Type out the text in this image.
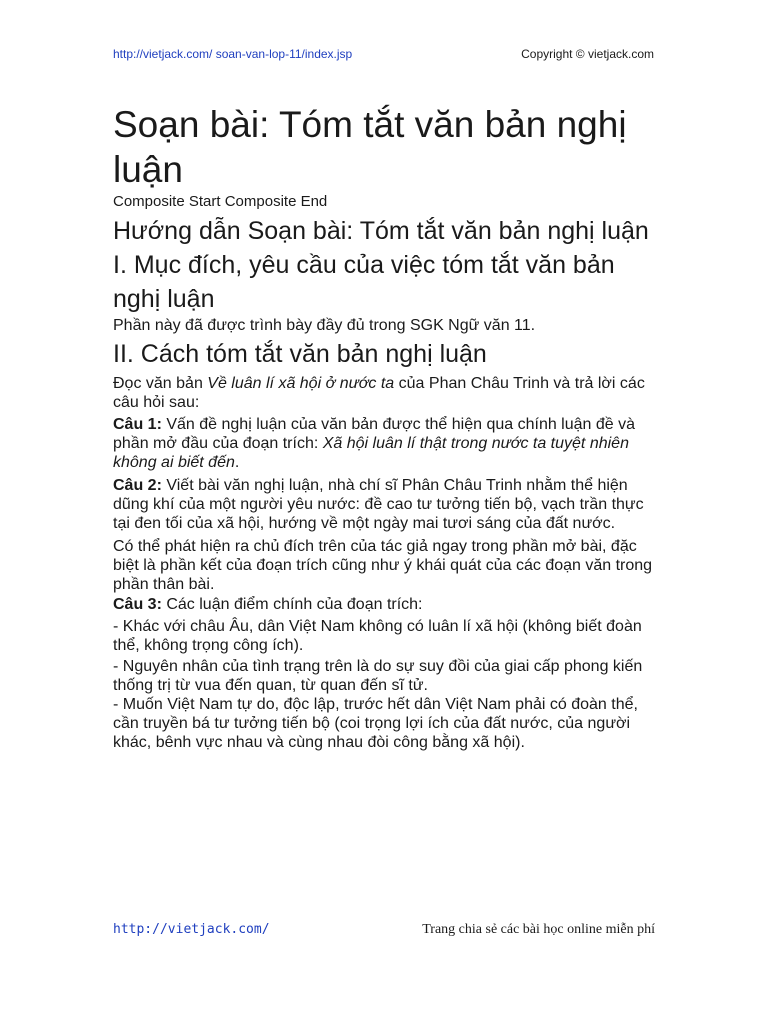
http://vietjack.com/ soan-van-lop-11/index.jsp	Copyright © vietjack.com
Soạn bài: Tóm tắt văn bản nghị luận
Composite Start Composite End
Hướng dẫn Soạn bài: Tóm tắt văn bản nghị luận
I. Mục đích, yêu cầu của việc tóm tắt văn bản nghị luận

Phần này đã được trình bày đầy đủ trong SGK Ngữ văn 11.

II. Cách tóm tắt văn bản nghị luận

Đọc văn bản Về luân lí xã hội ở nước ta của Phan Châu Trinh và trả lời các câu hỏi sau:

Câu 1: Vấn đề nghị luận của văn bản được thể hiện qua chính luận đề và phần mở đầu của đoạn trích: Xã hội luân lí thật trong nước ta tuyệt nhiên không ai biết đến.

Câu 2: Viết bài văn nghị luận, nhà chí sĩ Phân Châu Trinh nhằm thể hiện dũng khí của một người yêu nước: đề cao tư tưởng tiến bộ, vạch trần thực tại đen tối của xã hội, hướng về một ngày mai tươi sáng của đất nước.

Có thể phát hiện ra chủ đích trên của tác giả ngay trong phần mở bài, đặc biệt là phần kết của đoạn trích cũng như ý khái quát của các đoạn văn trong phần thân bài.

Câu 3: Các luận điểm chính của đoạn trích:

- Khác với châu Âu, dân Việt Nam không có luân lí xã hội (không biết đoàn thể, không trọng công ích).

- Nguyên nhân của tình trạng trên là do sự suy đồi của giai cấp phong kiến thống trị từ vua đến quan, từ quan đến sĩ tử.

- Muốn Việt Nam tự do, độc lập, trước hết dân Việt Nam phải có đoàn thể, cần truyền bá tư tưởng tiến bộ (coi trọng lợi ích của đất nước, của người khác, bênh vực nhau và cùng nhau đòi công bằng xã hội).

http://vietjack.com/	Trang chia sẻ các bài học online miễn phí
